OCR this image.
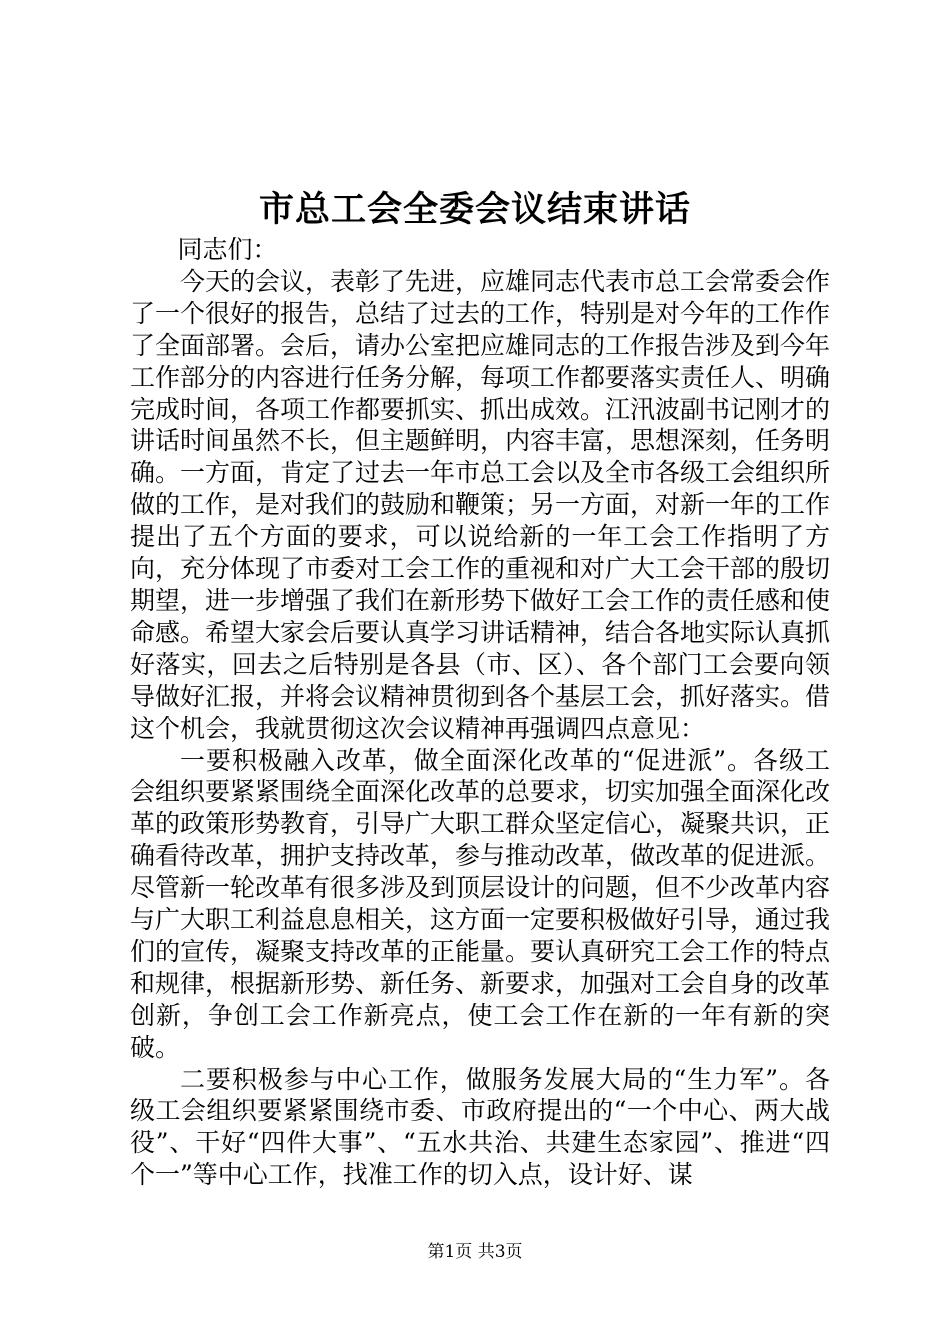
市总工会全委会议结束讲话

同志们：

今天的会议，表彰了先进，应雄同志代表市总工会常委会作了一个很好的报告，总结了过去的工作，特别是对今年的工作作了全面部署。会后，请办公室把应雄同志的工作报告涉及到今年工作部分的内容进行任务分解，每项工作都要落实责任人、明确完成时间，各项工作都要抓实、抓出成效。江汛波副书记刚才的讲话时间虽然不长，但主题鲜明，内容丰富，思想深刻，任务明确。一方面，肯定了过去一年市总工会以及全市各级工会组织所做的工作，是对我们的鼓励和鞭策；另一方面，对新一年的工作提出了五个方面的要求，可以说给新的一年工会工作指明了方向，充分体现了市委对工会工作的重视和对广大工会干部的殷切期望，进一步增强了我们在新形势下做好工会工作的责任感和使命感。希望大家会后要认真学习讲话精神，结合各地实际认真抓好落实，回去之后特别是各县（市、区）、各个部门工会要向领导做好汇报，并将会议精神贯彻到各个基层工会，抓好落实。借这个机会，我就贯彻这次会议精神再强调四点意见：

一要积极融入改革，做全面深化改革的“促进派”。各级工会组织要紧紧围绕全面深化改革的总要求，切实加强全面深化改革的政策形势教育，引导广大职工群众坚定信心，凝聚共识，正确看待改革，拥护支持改革，参与推动改革，做改革的促进派。尽管新一轮改革有很多涉及到顶层设计的问题，但不少改革内容与广大职工利益息息相关，这方面一定要积极做好引导，通过我们的宣传，凝聚支持改革的正能量。要认真研究工会工作的特点和规律，根据新形势、新任务、新要求，加强对工会自身的改革创新，争创工会工作新亮点，使工会工作在新的一年有新的突破。

二要积极参与中心工作，做服务发展大局的“生力军”。各级工会组织要紧紧围绕市委、市政府提出的“一个中心、两大战役”、干好“四件大事”、“五水共治、共建生态家园”、推进“四个一”等中心工作，找准工作的切入点，设计好、谋

第1页 共3页
